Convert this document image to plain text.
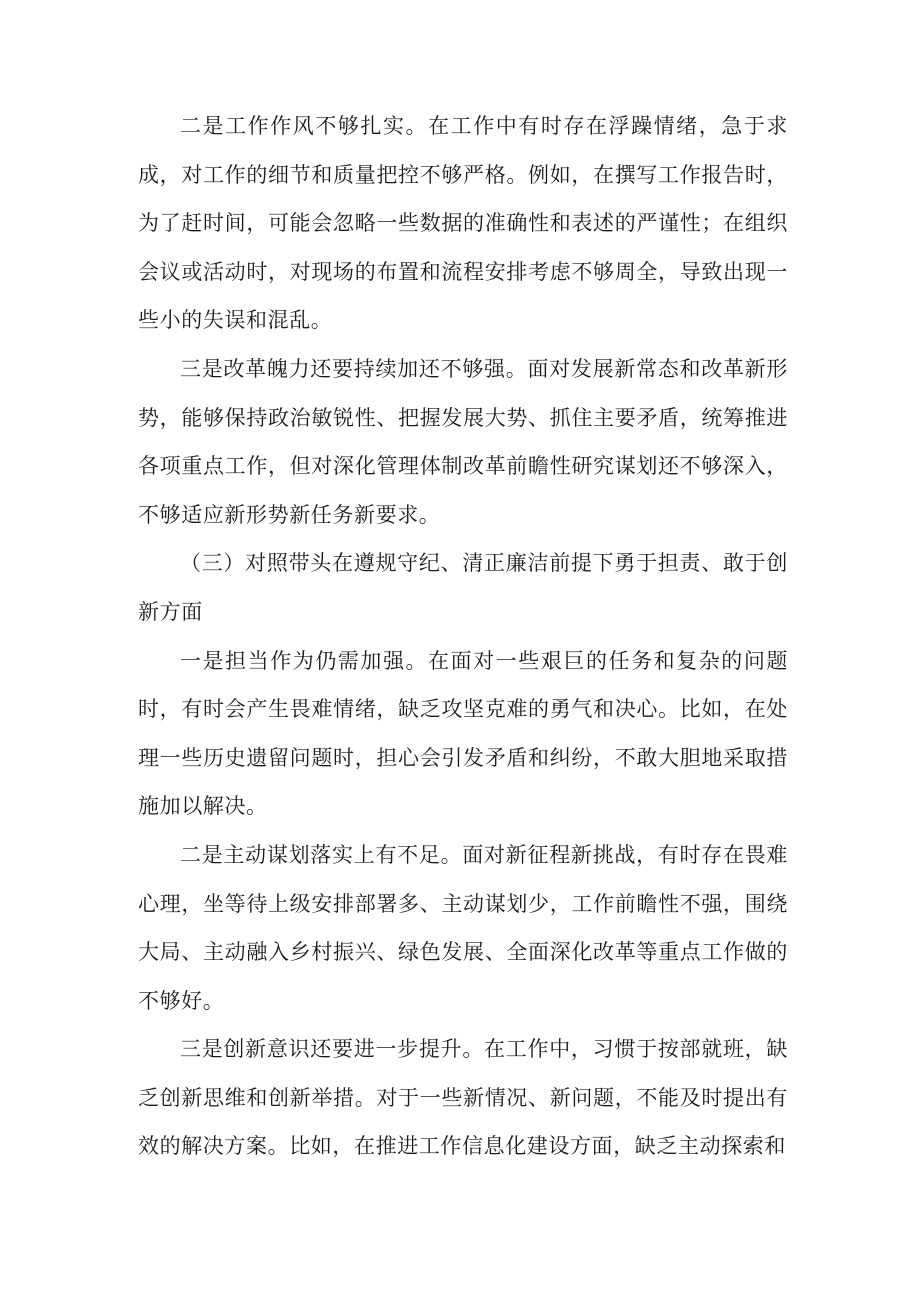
二是工作作风不够扎实。在工作中有时存在浮躁情绪，急于求成，对工作的细节和质量把控不够严格。例如，在撰写工作报告时，为了赶时间，可能会忽略一些数据的准确性和表述的严谨性；在组织会议或活动时，对现场的布置和流程安排考虑不够周全，导致出现一些小的失误和混乱。

三是改革魄力还要持续加还不够强。面对发展新常态和改革新形势，能够保持政治敏锐性、把握发展大势、抓住主要矛盾，统筹推进各项重点工作，但对深化管理体制改革前瞻性研究谋划还不够深入，不够适应新形势新任务新要求。

（三）对照带头在遵规守纪、清正廉洁前提下勇于担责、敢于创新方面

一是担当作为仍需加强。在面对一些艰巨的任务和复杂的问题时，有时会产生畏难情绪，缺乏攻坚克难的勇气和决心。比如，在处理一些历史遗留问题时，担心会引发矛盾和纠纷，不敢大胆地采取措施加以解决。

二是主动谋划落实上有不足。面对新征程新挑战，有时存在畏难心理，坐等待上级安排部署多、主动谋划少，工作前瞻性不强，围绕大局、主动融入乡村振兴、绿色发展、全面深化改革等重点工作做的不够好。

三是创新意识还要进一步提升。在工作中，习惯于按部就班，缺乏创新思维和创新举措。对于一些新情况、新问题，不能及时提出有效的解决方案。比如，在推进工作信息化建设方面，缺乏主动探索和
